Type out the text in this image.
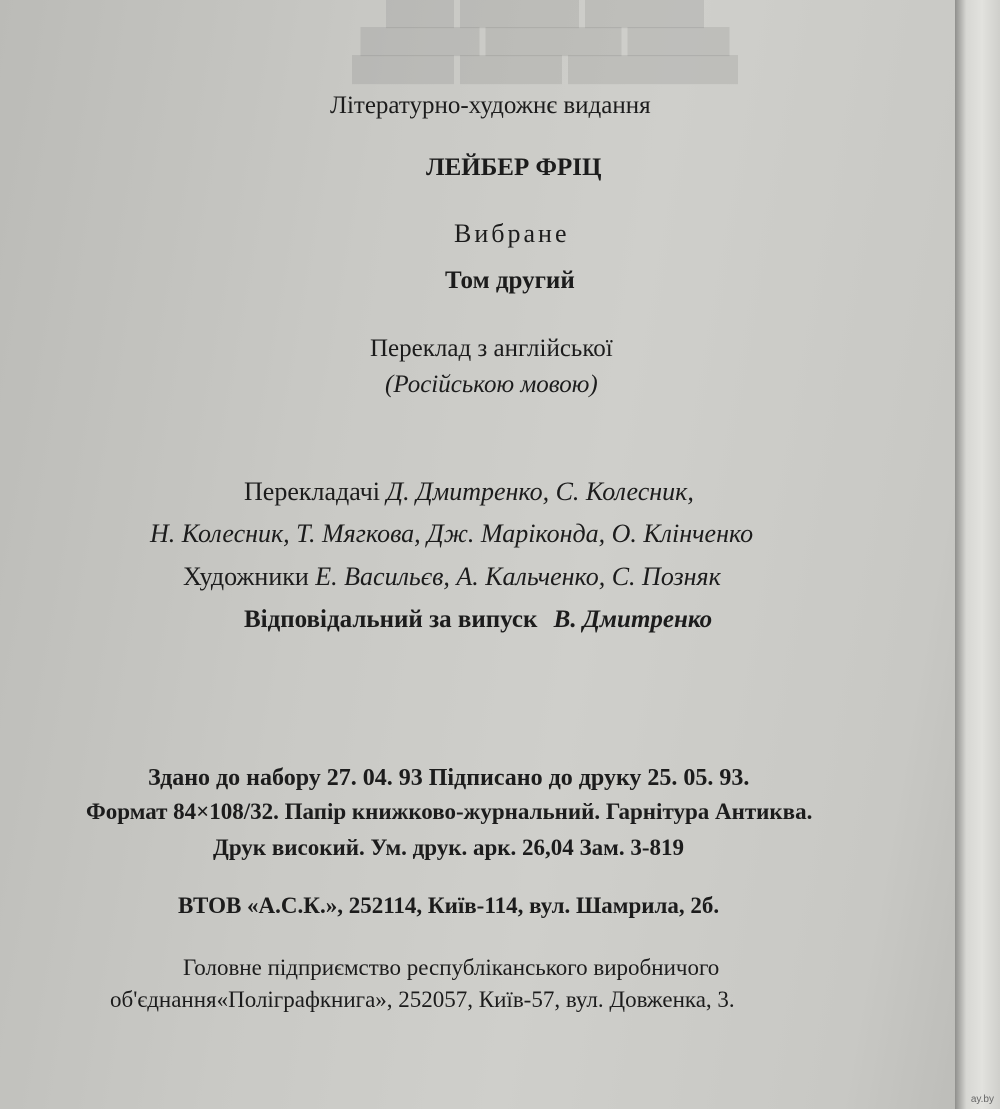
████ ███████ ███████
███████ ████████ ██████
██████ ██████ ██████████
Літературно-художнє видання
ЛЕЙБЕР ФРІЦ
Вибране
Том другий
Переклад з англійської
(Російською мовою)
Перекладачі Д. Дмитренко, С. Колесник,
Н. Колесник, Т. Мягкова, Дж. Маріконда, О. Клінченко
Художники Е. Васильєв, А. Кальченко, С. Позняк
Відповідальний за випуск В. Дмитренко
Здано до набору 27. 04. 93 Підписано до друку 25. 05. 93.
Формат 84×108/32. Папір книжково-журнальний. Гарнітура Антиква.
Друк високий. Ум. друк. арк. 26,04 Зам. 3-819
ВТОВ «А.С.К.», 252114, Київ-114, вул. Шамрила, 2б.
Головне підприємство республіканського виробничого
об'єднання«Поліграфкнига», 252057, Київ-57, вул. Довженка, 3.
ay.by
